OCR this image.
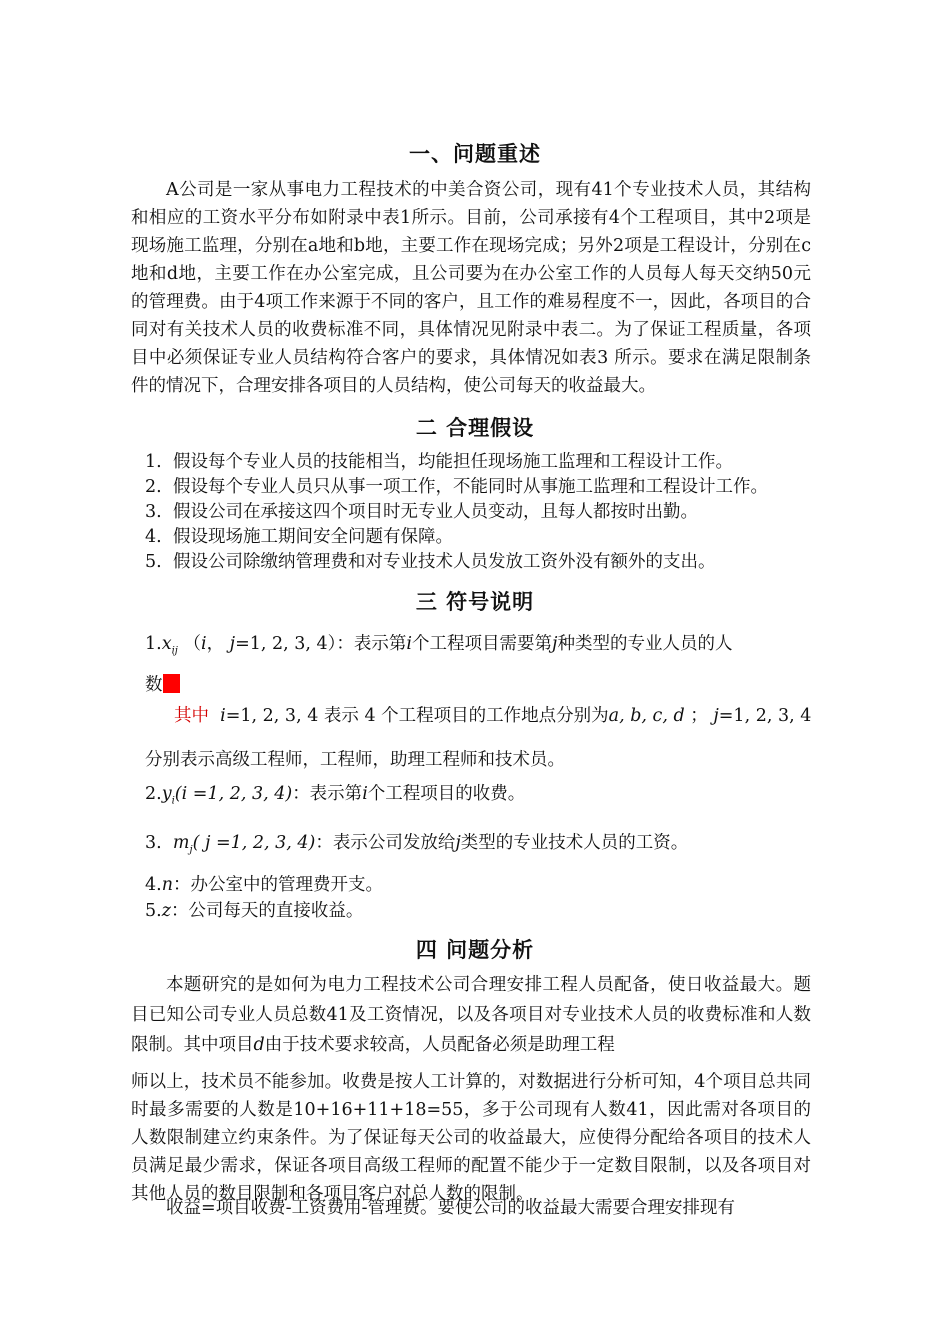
一、问题重述
A公司是一家从事电力工程技术的中美合资公司，现有41个专业技术人员，其结构和相应的工资水平分布如附录中表1所示。目前，公司承接有4个工程项目，其中2项是现场施工监理，分别在a地和b地，主要工作在现场完成；另外2项是工程设计，分别在c地和d地，主要工作在办公室完成，且公司要为在办公室工作的人员每人每天交纳50元的管理费。由于4项工作来源于不同的客户，且工作的难易程度不一，因此，各项目的合同对有关技术人员的收费标准不同，具体情况见附录中表二。为了保证工程质量，各项目中必须保证专业人员结构符合客户的要求，具体情况如表3 所示。要求在满足限制条件的情况下，合理安排各项目的人员结构，使公司每天的收益最大。
二 合理假设
1. 假设每个专业人员的技能相当，均能担任现场施工监理和工程设计工作。
2. 假设每个专业人员只从事一项工作，不能同时从事施工监理和工程设计工作。
3. 假设公司在承接这四个项目时无专业人员变动，且每人都按时出勤。
4. 假设现场施工期间安全问题有保障。
5. 假设公司除缴纳管理费和对专业技术人员发放工资外没有额外的支出。
三 符号说明
$1.x_{ij}$ （i， j=1, 2, 3, 4）：表示第i个工程项目需要第j种类型的专业人员的人
数
其中 i=1, 2, 3, 4 表示 4 个工程项目的工作地点分别为a, b, c, d ； j=1, 2, 3, 4
分别表示高级工程师，工程师，助理工程师和技术员。
$2.y_i(i =1$, 2, 3, 4)：表示第i个工程项目的收费。
3. $m_j$( j =1, 2, 3, 4)：表示公司发放给j类型的专业技术人员的工资。
4.n：办公室中的管理费开支。
5.z：公司每天的直接收益。
四 问题分析
本题研究的是如何为电力工程技术公司合理安排工程人员配备，使日收益最大。题目已知公司专业人员总数41及工资情况，以及各项目对专业技术人员的收费标准和人数限制。其中项目d由于技术要求较高，人员配备必须是助理工程
师以上，技术员不能参加。收费是按人工计算的，对数据进行分析可知，4个项目总共同时最多需要的人数是10+16+11+18=55，多于公司现有人数41，因此需对各项目的人数限制建立约束条件。为了保证每天公司的收益最大，应使得分配给各项目的技术人员满足最少需求，保证各项目高级工程师的配置不能少于一定数目限制，以及各项目对其他人员的数目限制和各项目客户对总人数的限制。
收益=项目收费-工资费用-管理费。要使公司的收益最大需要合理安排现有
